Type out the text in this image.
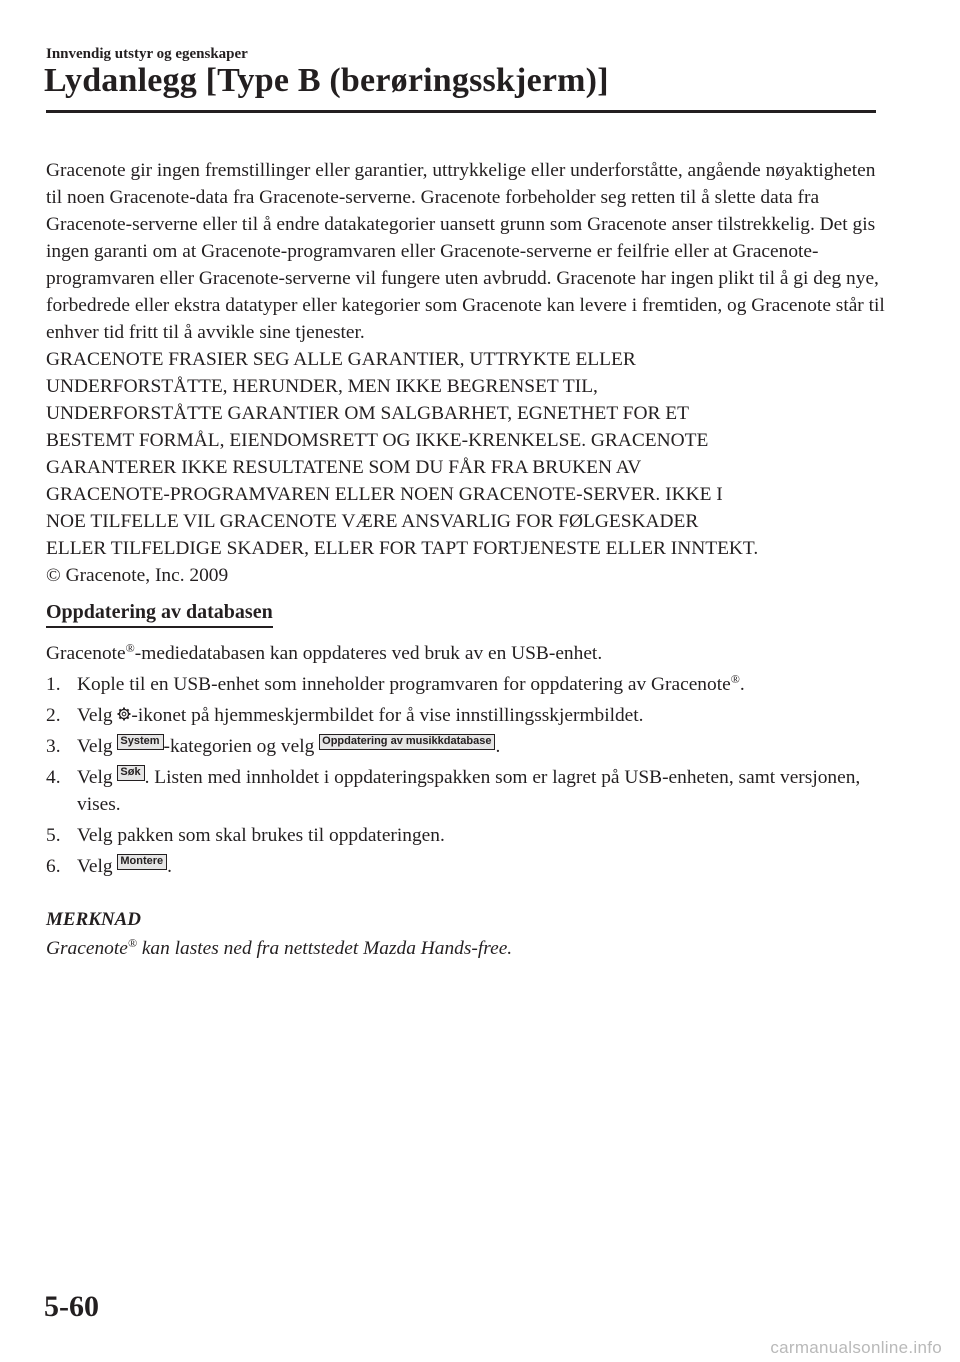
Innvendig utstyr og egenskaper
Lydanlegg [Type B (berøringsskjerm)]

Gracenote gir ingen fremstillinger eller garantier, uttrykkelige eller underforståtte, angående nøyaktigheten til noen Gracenote-data fra Gracenote-serverne. Gracenote forbeholder seg retten til å slette data fra Gracenote-serverne eller til å endre datakategorier uansett grunn som Gracenote anser tilstrekkelig. Det gis ingen garanti om at Gracenote-programvaren eller Gracenote-serverne er feilfrie eller at Gracenote-programvaren eller Gracenote-serverne vil fungere uten avbrudd. Gracenote har ingen plikt til å gi deg nye, forbedrede eller ekstra datatyper eller kategorier som Gracenote kan levere i fremtiden, og Gracenote står til enhver tid fritt til å avvikle sine tjenester.

GRACENOTE FRASIER SEG ALLE GARANTIER, UTTRYKTE ELLER
UNDERFORSTÅTTE, HERUNDER, MEN IKKE BEGRENSET TIL,
UNDERFORSTÅTTE GARANTIER OM SALGBARHET, EGNETHET FOR ET
BESTEMT FORMÅL, EIENDOMSRETT OG IKKE-KRENKELSE. GRACENOTE
GARANTERER IKKE RESULTATENE SOM DU FÅR FRA BRUKEN AV
GRACENOTE-PROGRAMVAREN ELLER NOEN GRACENOTE-SERVER. IKKE I
NOE TILFELLE VIL GRACENOTE VÆRE ANSVARLIG FOR FØLGESKADER
ELLER TILFELDIGE SKADER, ELLER FOR TAPT FORTJENESTE ELLER INNTEKT.

© Gracenote, Inc. 2009

Oppdatering av databasen

Gracenote®-mediedatabasen kan oppdateres ved bruk av en USB-enhet.

1. Kople til en USB-enhet som inneholder programvaren for oppdatering av Gracenote®.
2. Velg -ikonet på hjemmeskjermbildet for å vise innstillingsskjermbildet.
3. Velg System -kategorien og velg Oppdatering av musikkdatabase .
4. Velg Søk . Listen med innholdet i oppdateringspakken som er lagret på USB-enheten, samt versjonen, vises.
5. Velg pakken som skal brukes til oppdateringen.
6. Velg Montere .

MERKNAD

Gracenote® kan lastes ned fra nettstedet Mazda Hands-free.

5-60
carmanualsonline.info
